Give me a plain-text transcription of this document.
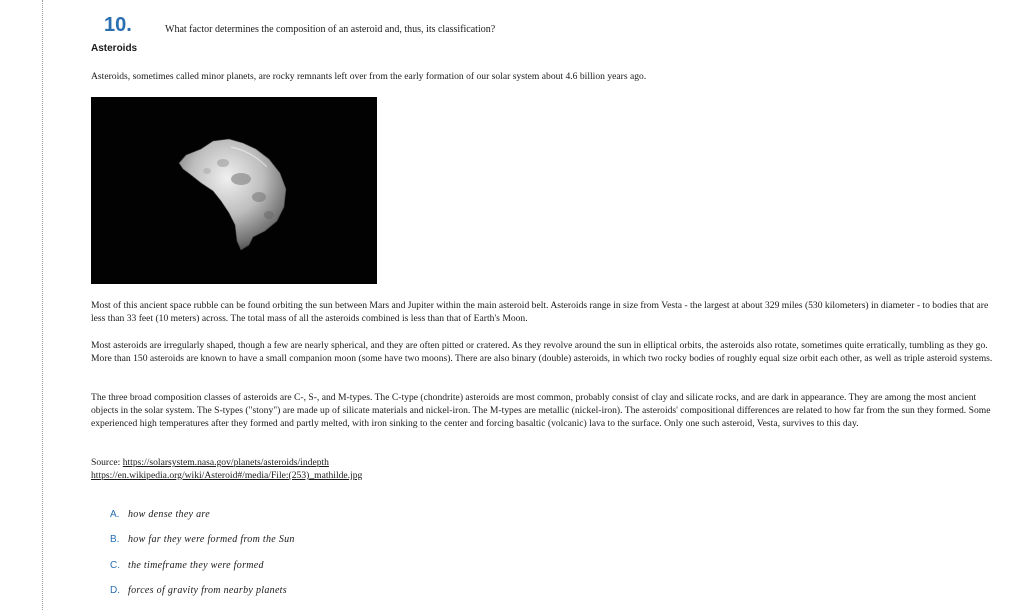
10.	What factor determines the composition of an asteroid and, thus, its classification?
Asteroids
Asteroids, sometimes called minor planets, are rocky remnants left over from the early formation of our solar system about 4.6 billion years ago.
Most of this ancient space rubble can be found orbiting the sun between Mars and Jupiter within the main asteroid belt. Asteroids range in size from Vesta - the largest at about 329 miles (530 kilometers) in diameter - to bodies that are less than 33 feet (10 meters) across. The total mass of all the asteroids combined is less than that of Earth's Moon.
Most asteroids are irregularly shaped, though a few are nearly spherical, and they are often pitted or cratered. As they revolve around the sun in elliptical orbits, the asteroids also rotate, sometimes quite erratically, tumbling as they go. More than 150 asteroids are known to have a small companion moon (some have two moons). There are also binary (double) asteroids, in which two rocky bodies of roughly equal size orbit each other, as well as triple asteroid systems.
The three broad composition classes of asteroids are C-, S-, and M-types. The C-type (chondrite) asteroids are most common, probably consist of clay and silicate rocks, and are dark in appearance. They are among the most ancient objects in the solar system. The S-types ("stony") are made up of silicate materials and nickel-iron. The M-types are metallic (nickel-iron). The asteroids' compositional differences are related to how far from the sun they formed. Some experienced high temperatures after they formed and partly melted, with iron sinking to the center and forcing basaltic (volcanic) lava to the surface. Only one such asteroid, Vesta, survives to this day.
Source: https://solarsystem.nasa.gov/planets/asteroids/indepth
https://en.wikipedia.org/wiki/Asteroid#/media/File:(253)_mathilde.jpg
A. how dense they are
B. how far they were formed from the Sun
C. the timeframe they were formed
D. forces of gravity from nearby planets
